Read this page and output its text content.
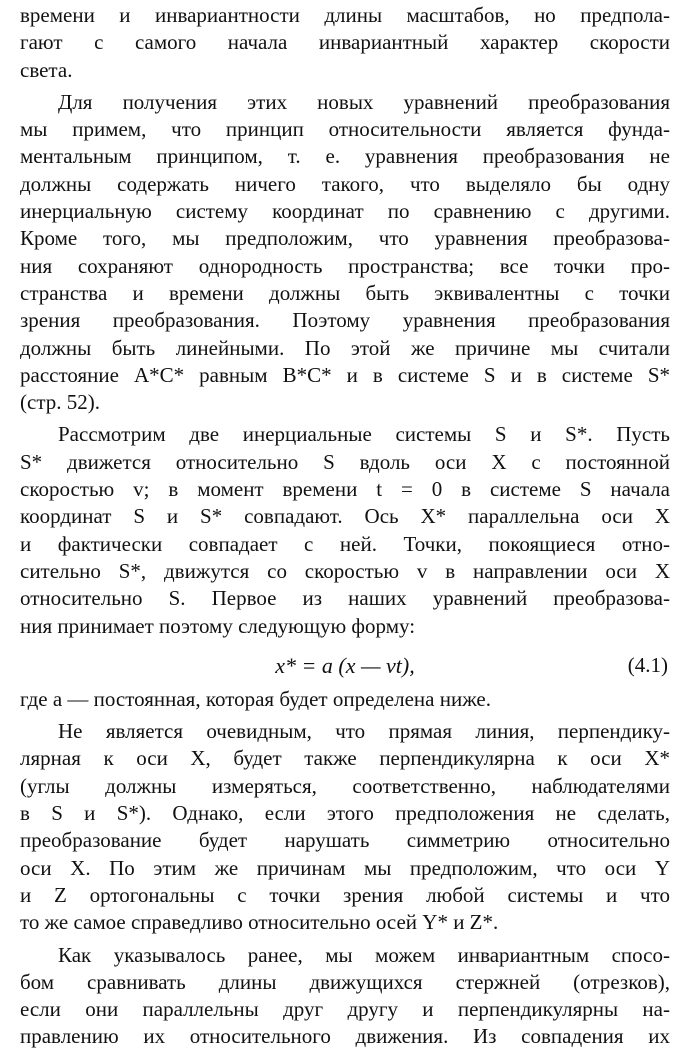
времени и инвариантности длины масштабов, но предпола-
гают с самого начала инвариантный характер скорости
света.
Для получения этих новых уравнений преобразования
мы примем, что принцип относительности является фунда-
ментальным принципом, т. е. уравнения преобразования не
должны содержать ничего такого, что выделяло бы одну
инерциальную систему координат по сравнению с другими.
Кроме того, мы предположим, что уравнения преобразова-
ния сохраняют однородность пространства; все точки про-
странства и времени должны быть эквивалентны с точки
зрения преобразования. Поэтому уравнения преобразования
должны быть линейными. По этой же причине мы считали
расстояние A*C* равным B*C* и в системе S и в системе S*
(стр. 52).
Рассмотрим две инерциальные системы S и S*. Пусть
S* движется относительно S вдоль оси X с постоянной
скоростью v; в момент времени t = 0 в системе S начала
координат S и S* совпадают. Ось X* параллельна оси X
и фактически совпадает с ней. Точки, покоящиеся отно-
сительно S*, движутся со скоростью v в направлении оси X
относительно S. Первое из наших уравнений преобразова-
ния принимает поэтому следующую форму:
x* = a (x — vt),	(4.1)
где a — постоянная, которая будет определена ниже.
Не является очевидным, что прямая линия, перпендику-
лярная к оси X, будет также перпендикулярна к оси X*
(углы должны измеряться, соответственно, наблюдателями
в S и S*). Однако, если этого предположения не сделать,
преобразование будет нарушать симметрию относительно
оси X. По этим же причинам мы предположим, что оси Y
и Z ортогональны с точки зрения любой системы и что
то же самое справедливо относительно осей Y* и Z*.
Как указывалось ранее, мы можем инвариантным спосо-
бом сравнивать длины движущихся стержней (отрезков),
если они параллельны друг другу и перпендикулярны на-
правлению их относительного движения. Из совпадения их
